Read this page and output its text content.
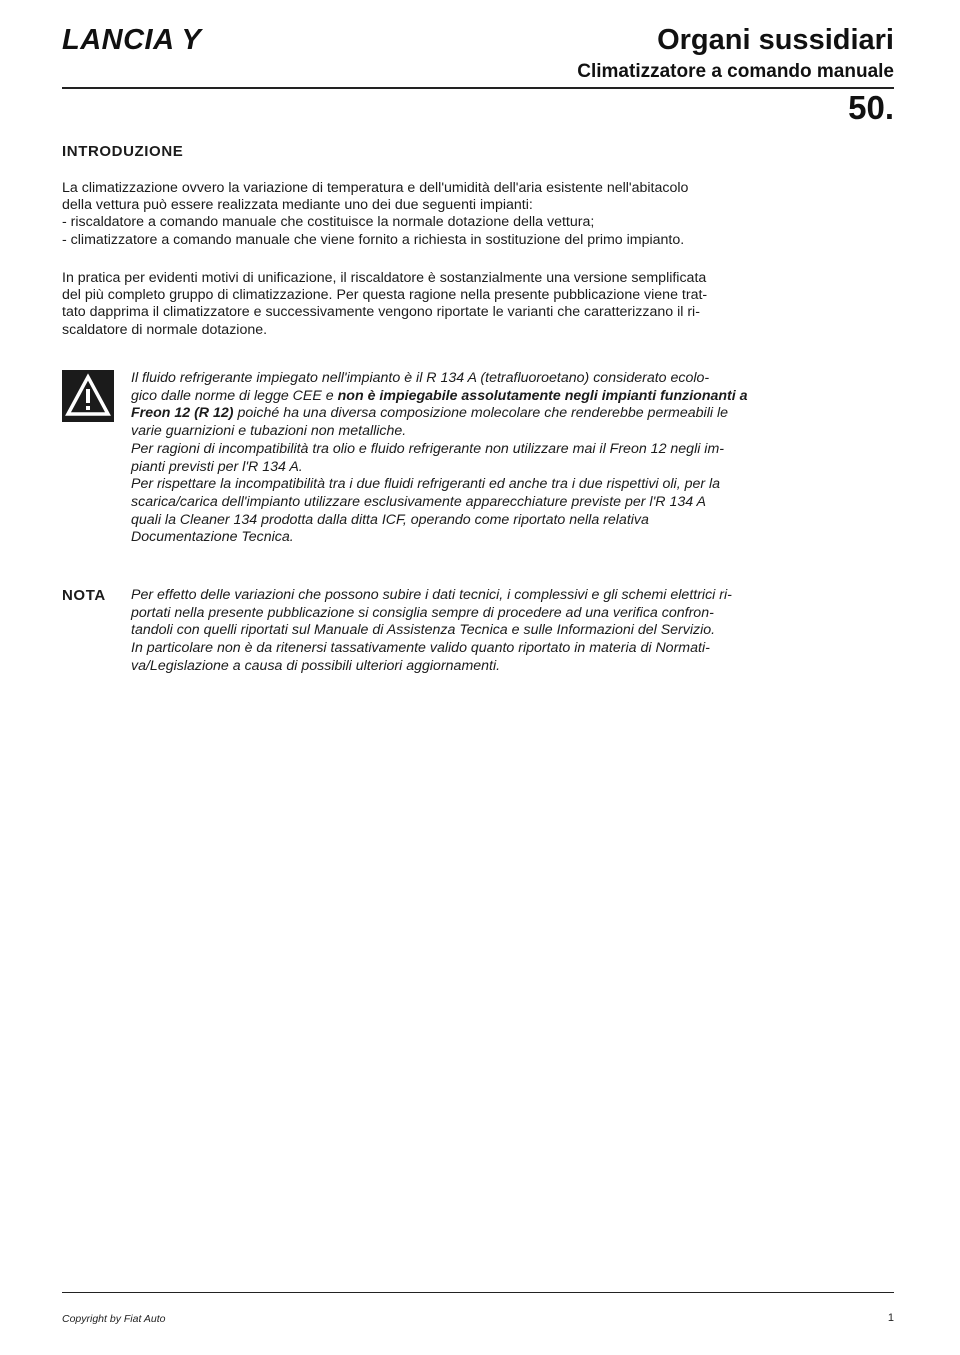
LANCIA Y	Organi sussidiari
Climatizzatore a comando manuale
50.
INTRODUZIONE

La climatizzazione ovvero la variazione di temperatura e dell'umidità dell'aria esistente nell'abitacolo
della vettura può essere realizzata mediante uno dei due seguenti impianti:
- riscaldatore a comando manuale che costituisce la normale dotazione della vettura;
- climatizzatore a comando manuale che viene fornito a richiesta in sostituzione del primo impianto.

In pratica per evidenti motivi di unificazione, il riscaldatore è sostanzialmente una versione semplificata
del più completo gruppo di climatizzazione. Per questa ragione nella presente pubblicazione viene trat-
tato dapprima il climatizzatore e successivamente vengono riportate le varianti che caratterizzano il ri-
scaldatore di normale dotazione.

Il fluido refrigerante impiegato nell'impianto è il R 134 A (tetrafluoroetano) considerato ecolo-
gico dalle norme di legge CEE e non è impiegabile assolutamente negli impianti funzionanti a
Freon 12 (R 12) poiché ha una diversa composizione molecolare che renderebbe permeabili le
varie guarnizioni e tubazioni non metalliche.
Per ragioni di incompatibilità tra olio e fluido refrigerante non utilizzare mai il Freon 12 negli im-
pianti previsti per l'R 134 A.
Per rispettare la incompatibilità tra i due fluidi refrigeranti ed anche tra i due rispettivi oli, per la
scarica/carica dell'impianto utilizzare esclusivamente apparecchiature previste per l'R 134 A
quali la Cleaner 134 prodotta dalla ditta ICF, operando come riportato nella relativa
Documentazione Tecnica.

NOTA Per effetto delle variazioni che possono subire i dati tecnici, i complessivi e gli schemi elettrici ri-
portati nella presente pubblicazione si consiglia sempre di procedere ad una verifica confron-
tandoli con quelli riportati sul Manuale di Assistenza Tecnica e sulle Informazioni del Servizio.
In particolare non è da ritenersi tassativamente valido quanto riportato in materia di Normati-
va/Legislazione a causa di possibili ulteriori aggiornamenti.

Copyright by Fiat Auto	1
